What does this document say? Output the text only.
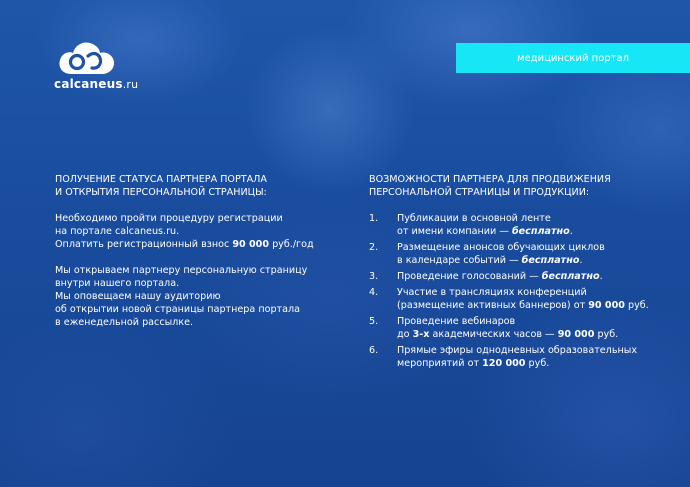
calcaneus.ru
медицинский портал
ПОЛУЧЕНИЕ СТАТУСА ПАРТНЕРА ПОРТАЛА
И ОТКРЫТИЯ ПЕРСОНАЛЬНОЙ СТРАНИЦЫ:
Необходимо пройти процедуру регистрации
на портале calcaneus.ru.
Оплатить регистрационный взнос 90 000 руб./год
Мы открываем партнеру персональную страницу
внутри нашего портала.
Мы оповещаем нашу аудиторию
об открытии новой страницы партнера портала
в еженедельной рассылке.
ВОЗМОЖНОСТИ ПАРТНЕРА ДЛЯ ПРОДВИЖЕНИЯ
ПЕРСОНАЛЬНОЙ СТРАНИЦЫ И ПРОДУКЦИИ:
1. Публикации в основной ленте
от имени компании — бесплатно.
2. Размещение анонсов обучающих циклов
в календаре событий — бесплатно.
3. Проведение голосований — бесплатно.
4. Участие в трансляциях конференций
(размещение активных баннеров) от 90 000 руб.
5. Проведение вебинаров
до 3-х академических часов — 90 000 руб.
6. Прямые эфиры однодневных образовательных
мероприятий от 120 000 руб.
